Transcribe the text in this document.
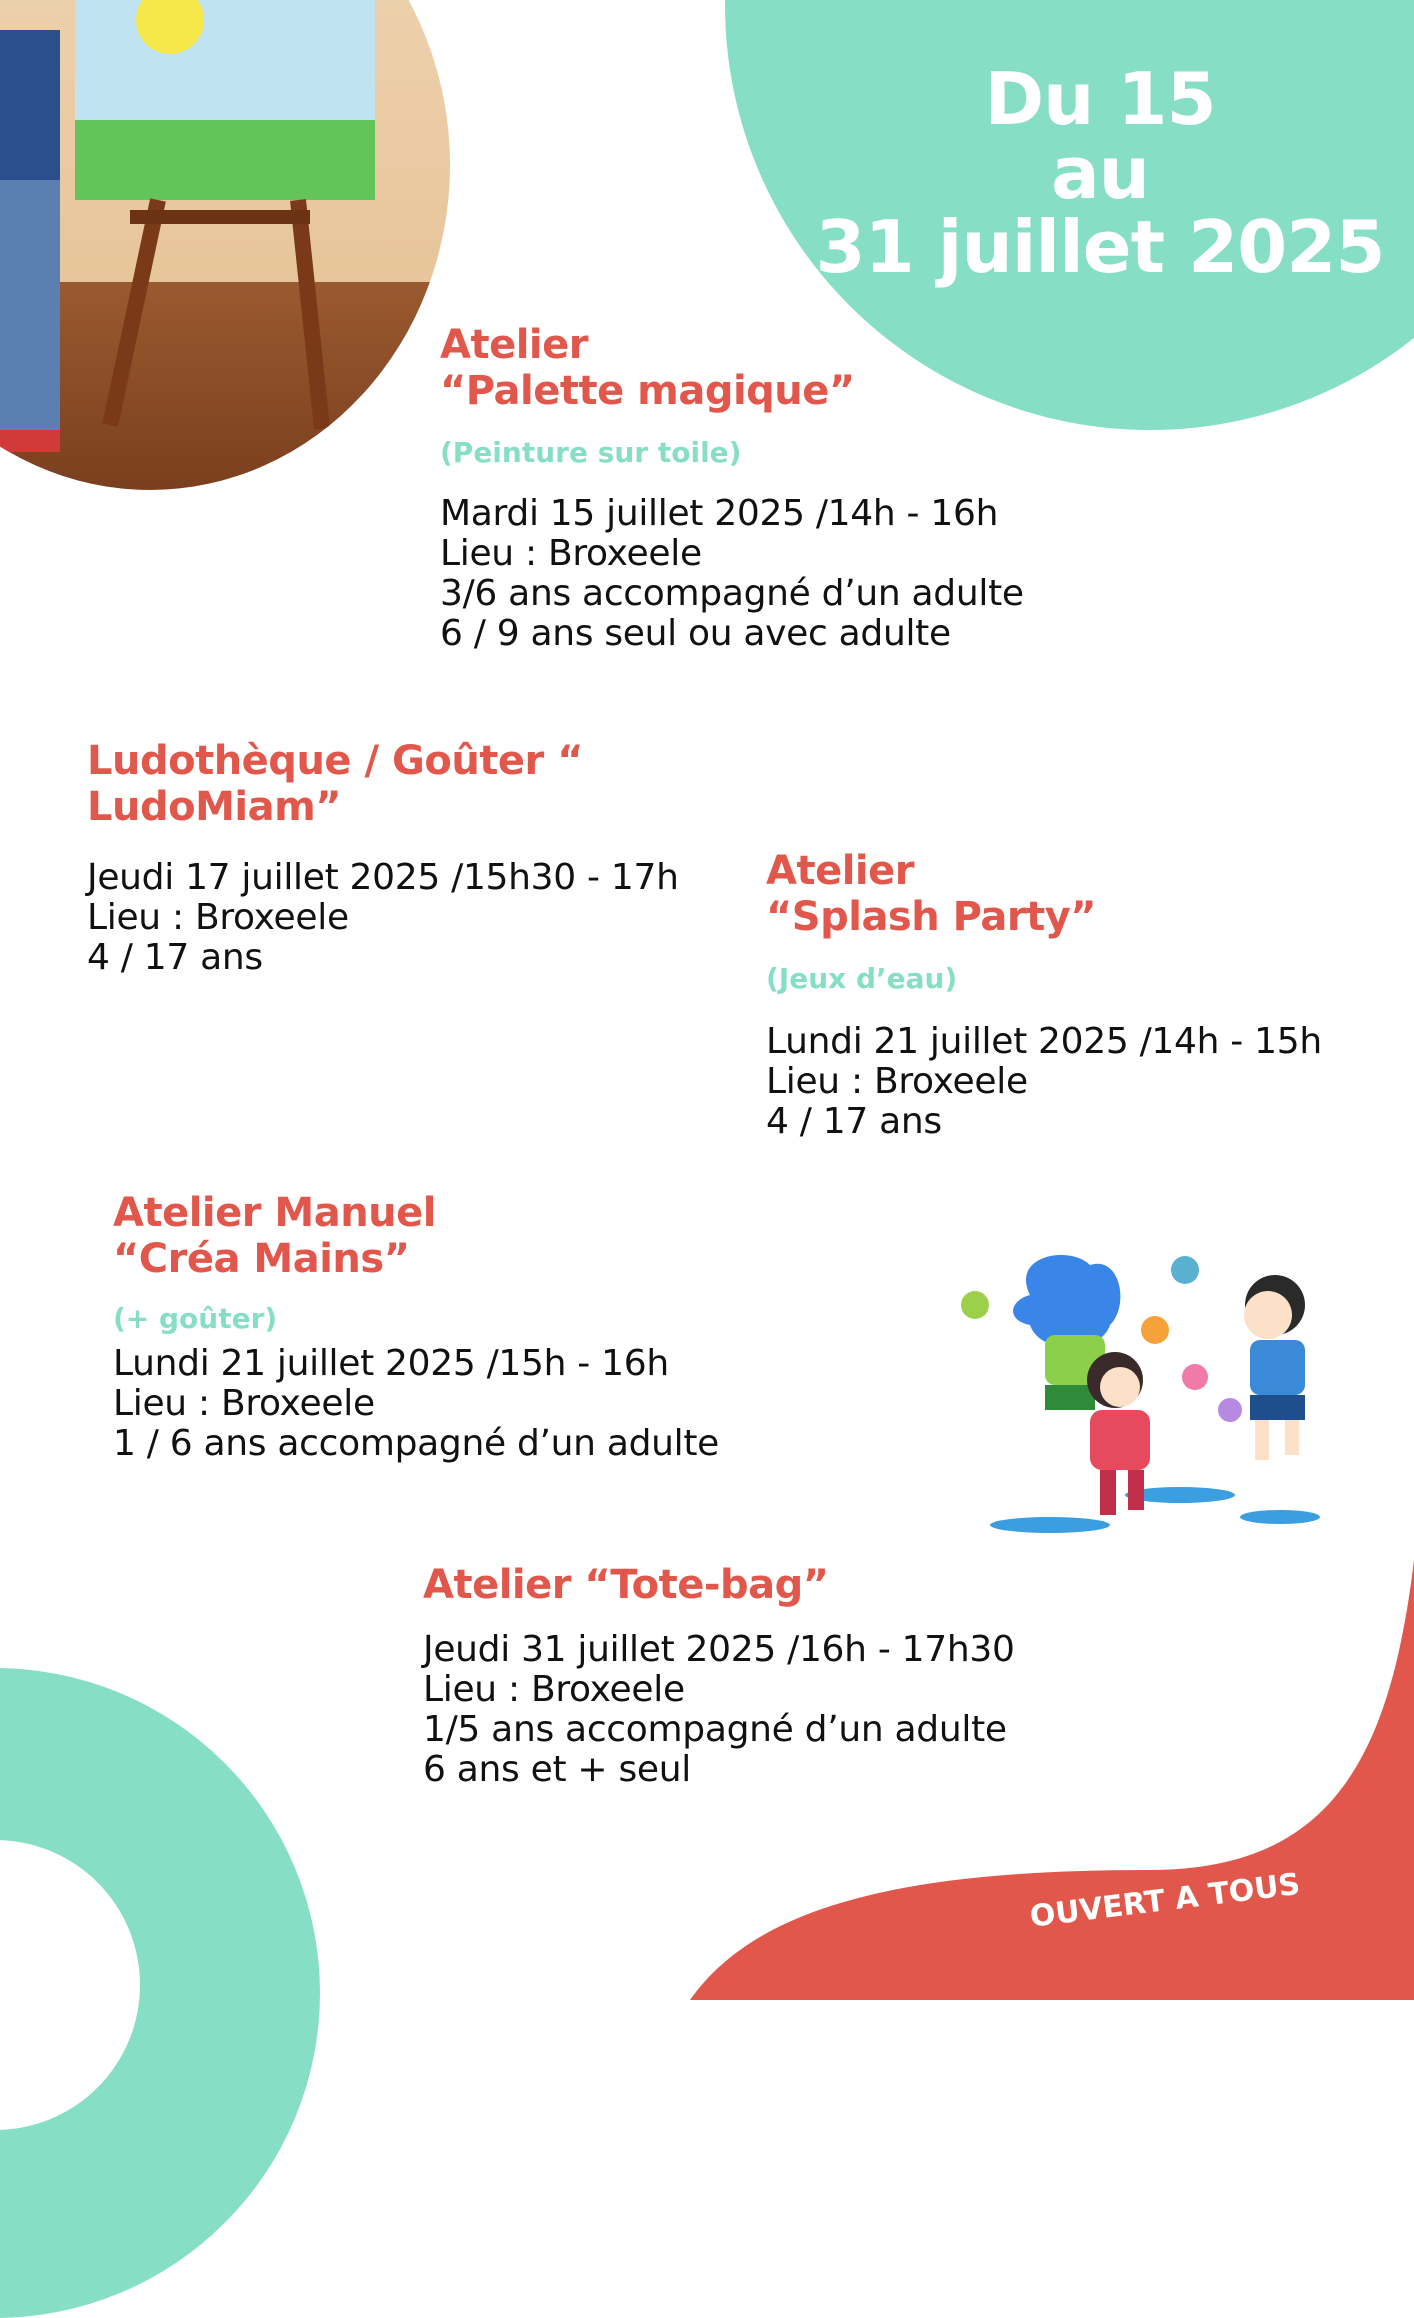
Du 15
au
31 juillet 2025
Atelier
“Palette magique”
(Peinture sur toile)
Mardi 15 juillet 2025 /14h - 16h
Lieu : Broxeele
3/6 ans accompagné d’un adulte
6 / 9 ans seul ou avec adulte
Ludothèque / Goûter “
LudoMiam”
Jeudi 17 juillet 2025 /15h30 - 17h
Lieu : Broxeele
4 / 17 ans
Atelier
“Splash Party”
(Jeux d’eau)
Lundi 21 juillet 2025 /14h - 15h
Lieu : Broxeele
4 / 17 ans
Atelier Manuel
“Créa Mains”
(+ goûter)
Lundi 21 juillet 2025 /15h - 16h
Lieu : Broxeele
1 / 6 ans accompagné d’un adulte
Atelier “Tote-bag”
Jeudi 31 juillet 2025 /16h - 17h30
Lieu : Broxeele
1/5 ans accompagné d’un adulte
6 ans et + seul
OUVERT A TOUS
